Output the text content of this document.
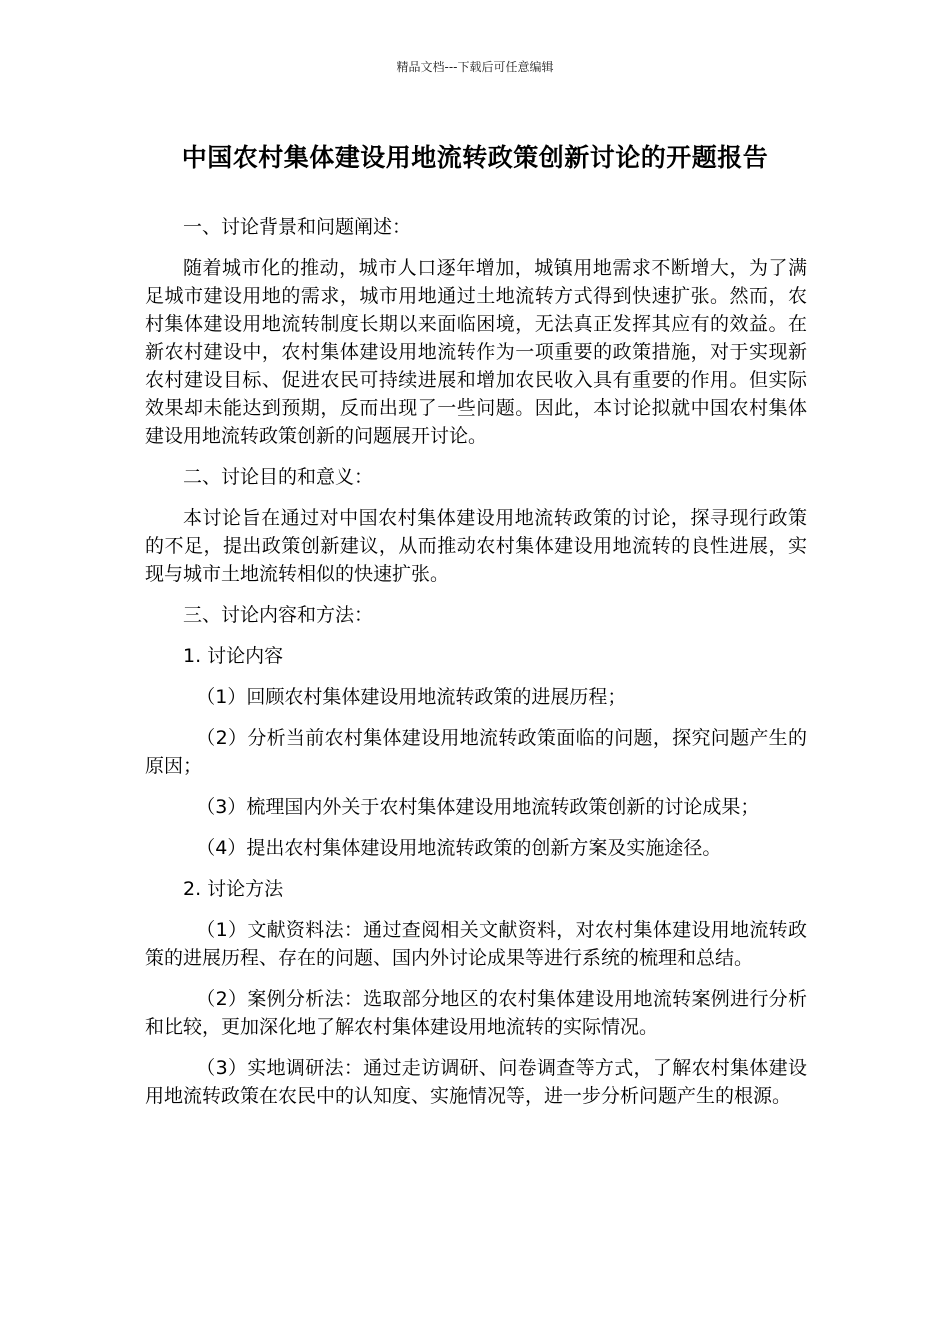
精品文档---下载后可任意编辑
中国农村集体建设用地流转政策创新讨论的开题报告

一、讨论背景和问题阐述：

随着城市化的推动，城市人口逐年增加，城镇用地需求不断增大，为了满足城市建设用地的需求，城市用地通过土地流转方式得到快速扩张。然而，农村集体建设用地流转制度长期以来面临困境，无法真正发挥其应有的效益。在新农村建设中，农村集体建设用地流转作为一项重要的政策措施，对于实现新农村建设目标、促进农民可持续进展和增加农民收入具有重要的作用。但实际效果却未能达到预期，反而出现了一些问题。因此，本讨论拟就中国农村集体建设用地流转政策创新的问题展开讨论。

二、讨论目的和意义：

本讨论旨在通过对中国农村集体建设用地流转政策的讨论，探寻现行政策的不足，提出政策创新建议，从而推动农村集体建设用地流转的良性进展，实现与城市土地流转相似的快速扩张。

三、讨论内容和方法：

1. 讨论内容

（1）回顾农村集体建设用地流转政策的进展历程；

（2）分析当前农村集体建设用地流转政策面临的问题，探究问题产生的原因；

（3）梳理国内外关于农村集体建设用地流转政策创新的讨论成果；

（4）提出农村集体建设用地流转政策的创新方案及实施途径。

2. 讨论方法

（1）文献资料法：通过查阅相关文献资料，对农村集体建设用地流转政策的进展历程、存在的问题、国内外讨论成果等进行系统的梳理和总结。

（2）案例分析法：选取部分地区的农村集体建设用地流转案例进行分析和比较，更加深化地了解农村集体建设用地流转的实际情况。

（3）实地调研法：通过走访调研、问卷调查等方式，了解农村集体建设用地流转政策在农民中的认知度、实施情况等，进一步分析问题产生的根源。
